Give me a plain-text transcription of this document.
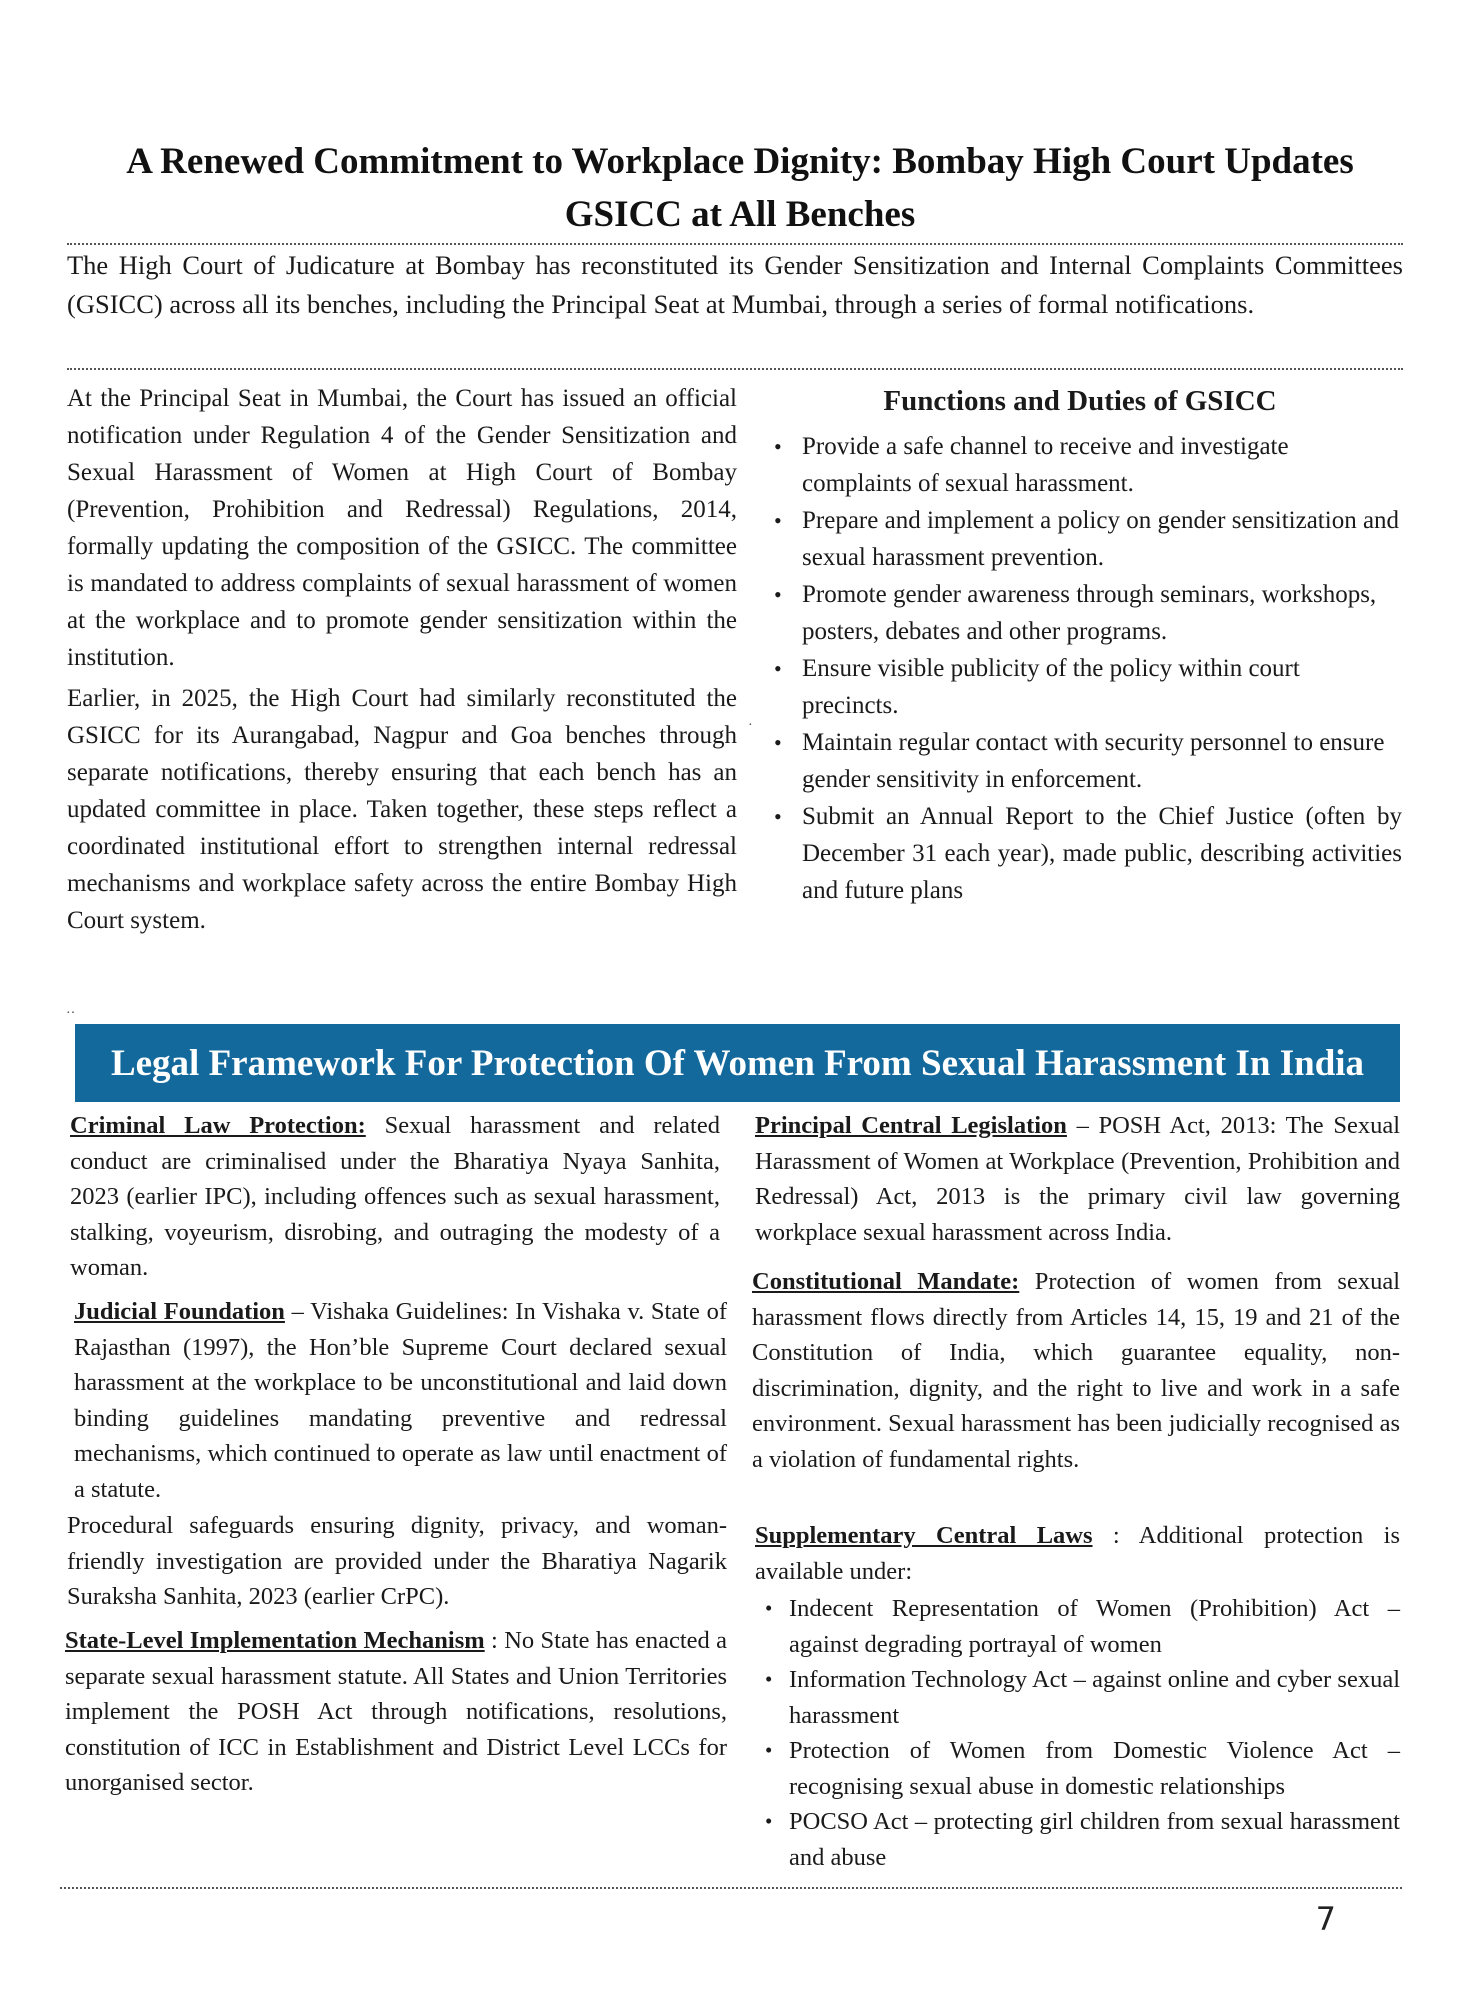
A Renewed Commitment to Workplace Dignity: Bombay High Court Updates GSICC at All Benches
The High Court of Judicature at Bombay has reconstituted its Gender Sensitization and Internal Complaints Committees (GSICC) across all its benches, including the Principal Seat at Mumbai, through a series of formal notifications.

At the Principal Seat in Mumbai, the Court has issued an official notification under Regulation 4 of the Gender Sensitization and Sexual Harassment of Women at High Court of Bombay (Prevention, Prohibition and Redressal) Regulations, 2014, formally updating the composition of the GSICC. The committee is mandated to address complaints of sexual harassment of women at the workplace and to promote gender sensitization within the institution.

Earlier, in 2025, the High Court had similarly reconstituted the GSICC for its Aurangabad, Nagpur and Goa benches through separate notifications, thereby ensuring that each bench has an updated committee in place. Taken together, these steps reflect a coordinated institutional effort to strengthen internal redressal mechanisms and workplace safety across the entire Bombay High Court system.

·
Functions and Duties of GSICC
• Provide a safe channel to receive and investigate complaints of sexual harassment.
• Prepare and implement a policy on gender sensitization and sexual harassment prevention.
• Promote gender awareness through seminars, workshops, posters, debates and other programs.
• Ensure visible publicity of the policy within court precincts.
• Maintain regular contact with security personnel to ensure gender sensitivity in enforcement.
• Submit an Annual Report to the Chief Justice (often by December 31 each year), made public, describing activities and future plans
··
Legal Framework For Protection Of Women From Sexual Harassment In India
Criminal Law Protection: Sexual harassment and related conduct are criminalised under the Bharatiya Nyaya Sanhita, 2023 (earlier IPC), including offences such as sexual harassment, stalking, voyeurism, disrobing, and outraging the modesty of a woman.
Judicial Foundation – Vishaka Guidelines: In Vishaka v. State of Rajasthan (1997), the Hon’ble Supreme Court declared sexual harassment at the workplace to be unconstitutional and laid down binding guidelines mandating preventive and redressal mechanisms, which continued to operate as law until enactment of a statute.
Procedural safeguards ensuring dignity, privacy, and woman-friendly investigation are provided under the Bharatiya Nagarik Suraksha Sanhita, 2023 (earlier CrPC).
State-Level Implementation Mechanism : No State has enacted a separate sexual harassment statute. All States and Union Territories implement the POSH Act through notifications, resolutions, constitution of ICC in Establishment and District Level LCCs for unorganised sector.
Principal Central Legislation – POSH Act, 2013: The Sexual Harassment of Women at Workplace (Prevention, Prohibition and Redressal) Act, 2013 is the primary civil law governing workplace sexual harassment across India.
Constitutional Mandate: Protection of women from sexual harassment flows directly from Articles 14, 15, 19 and 21 of the Constitution of India, which guarantee equality, non-discrimination, dignity, and the right to live and work in a safe environment. Sexual harassment has been judicially recognised as a violation of fundamental rights.
Supplementary Central Laws : Additional protection is available under:
• Indecent Representation of Women (Prohibition) Act – against degrading portrayal of women
• Information Technology Act – against online and cyber sexual harassment
• Protection of Women from Domestic Violence Act – recognising sexual abuse in domestic relationships
• POCSO Act – protecting girl children from sexual harassment and abuse
7
